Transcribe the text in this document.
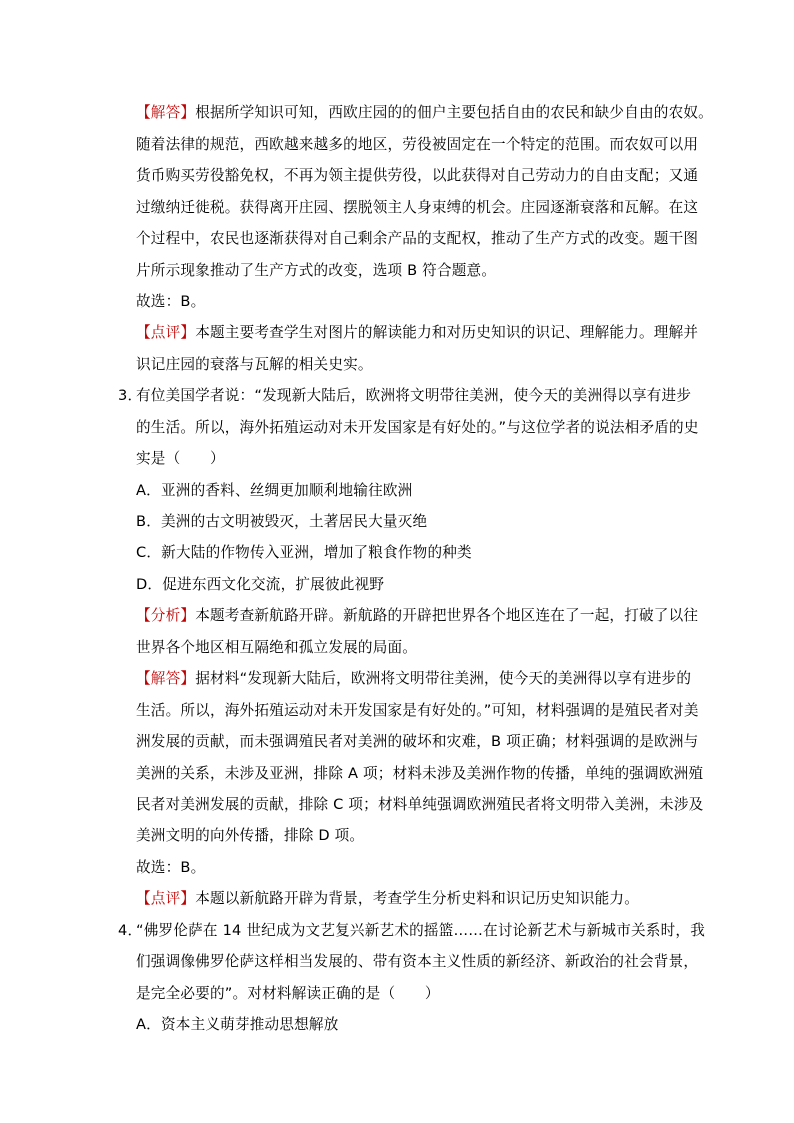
【解答】根据所学知识可知，西欧庄园的的佃户主要包括自由的农民和缺少自由的农奴。
随着法律的规范，西欧越来越多的地区，劳役被固定在一个特定的范围。而农奴可以用
货币购买劳役豁免权，不再为领主提供劳役，以此获得对自己劳动力的自由支配；又通
过缴纳迁徙税。获得离开庄园、摆脱领主人身束缚的机会。庄园逐渐衰落和瓦解。在这
个过程中，农民也逐渐获得对自己剩余产品的支配权，推动了生产方式的改变。题干图
片所示现象推动了生产方式的改变，选项 B 符合题意。
故选：B。
【点评】本题主要考查学生对图片的解读能力和对历史知识的识记、理解能力。理解并
识记庄园的衰落与瓦解的相关史实。
3．
有位美国学者说：“发现新大陆后，欧洲将文明带往美洲，使今天的美洲得以享有进步
的生活。所以，海外拓殖运动对未开发国家是有好处的。”与这位学者的说法相矛盾的史
实是（　　）
A．亚洲的香料、丝绸更加顺利地输往欧洲
B．美洲的古文明被毁灭，土著居民大量灭绝
C．新大陆的作物传入亚洲，增加了粮食作物的种类
D．促进东西文化交流，扩展彼此视野
【分析】本题考查新航路开辟。新航路的开辟把世界各个地区连在了一起，打破了以往
世界各个地区相互隔绝和孤立发展的局面。
【解答】据材料“发现新大陆后，欧洲将文明带往美洲，使今天的美洲得以享有进步的
生活。所以，海外拓殖运动对未开发国家是有好处的。”可知，材料强调的是殖民者对美
洲发展的贡献，而未强调殖民者对美洲的破坏和灾难，B 项正确；材料强调的是欧洲与
美洲的关系，未涉及亚洲，排除 A 项；材料未涉及美洲作物的传播，单纯的强调欧洲殖
民者对美洲发展的贡献，排除 C 项；材料单纯强调欧洲殖民者将文明带入美洲，未涉及
美洲文明的向外传播，排除 D 项。
故选：B。
【点评】本题以新航路开辟为背景，考查学生分析史料和识记历史知识能力。
4．
“佛罗伦萨在 14 世纪成为文艺复兴新艺术的摇篮……在讨论新艺术与新城市关系时，我
们强调像佛罗伦萨这样相当发展的、带有资本主义性质的新经济、新政治的社会背景，
是完全必要的”。对材料解读正确的是（　　）
A．资本主义萌芽推动思想解放
